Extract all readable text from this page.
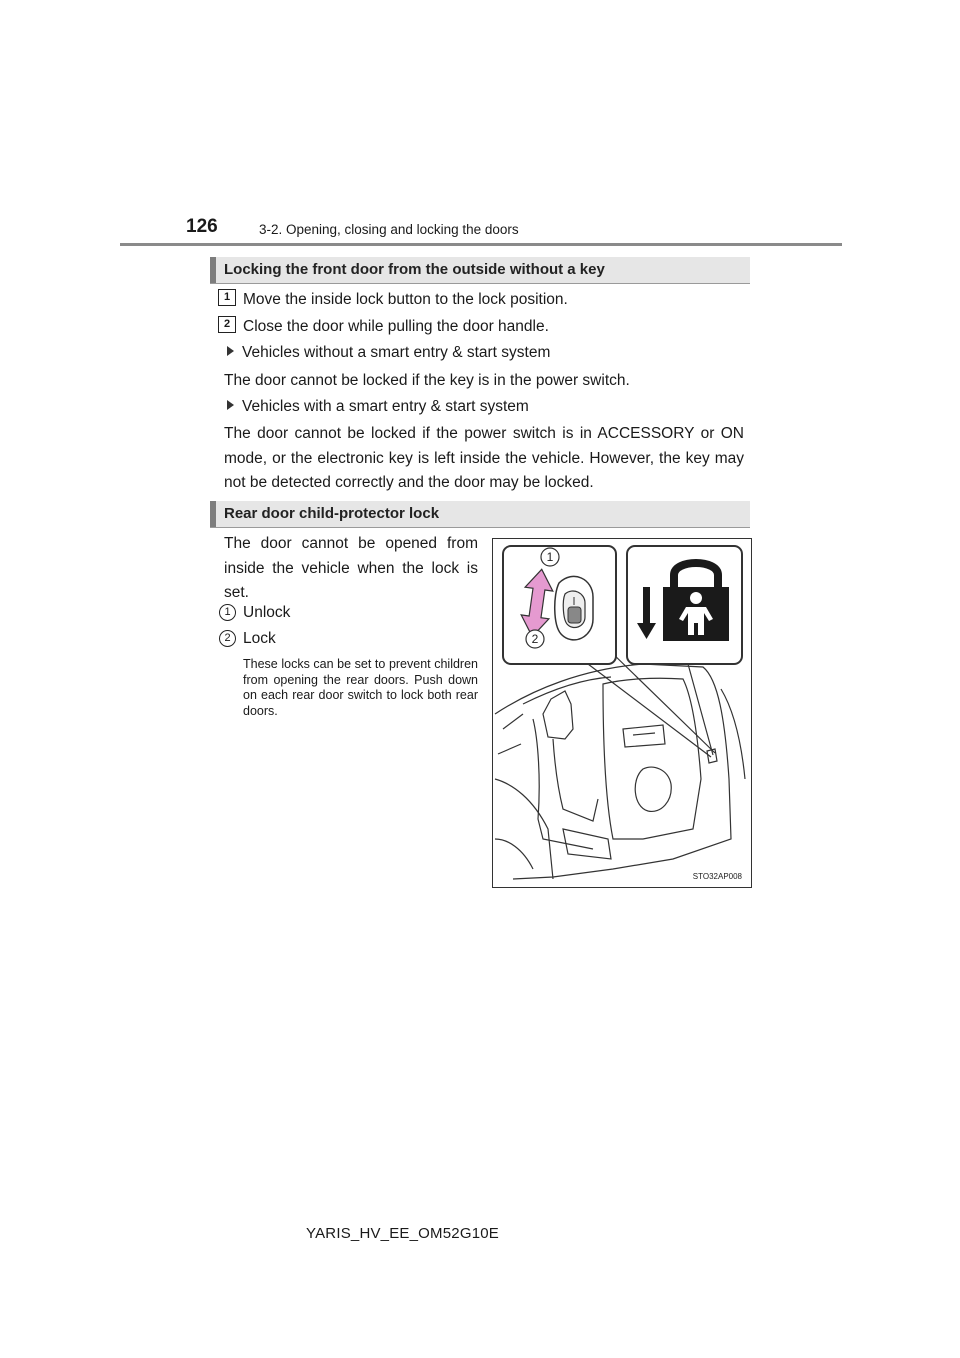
126	3-2. Opening, closing and locking the doors
Locking the front door from the outside without a key
1 Move the inside lock button to the lock position.
2 Close the door while pulling the door handle.
Vehicles without a smart entry & start system
The door cannot be locked if the key is in the power switch.
Vehicles with a smart entry & start system
The door cannot be locked if the power switch is in ACCESSORY or ON mode, or the electronic key is left inside the vehicle. However, the key may not be detected correctly and the door may be locked.
Rear door child-protector lock
The door cannot be opened from inside the vehicle when the lock is set.
1 Unlock
2 Lock
These locks can be set to prevent children from opening the rear doors. Push down on each rear door switch to lock both rear doors.
1
2
STO32AP008
YARIS_HV_EE_OM52G10E
